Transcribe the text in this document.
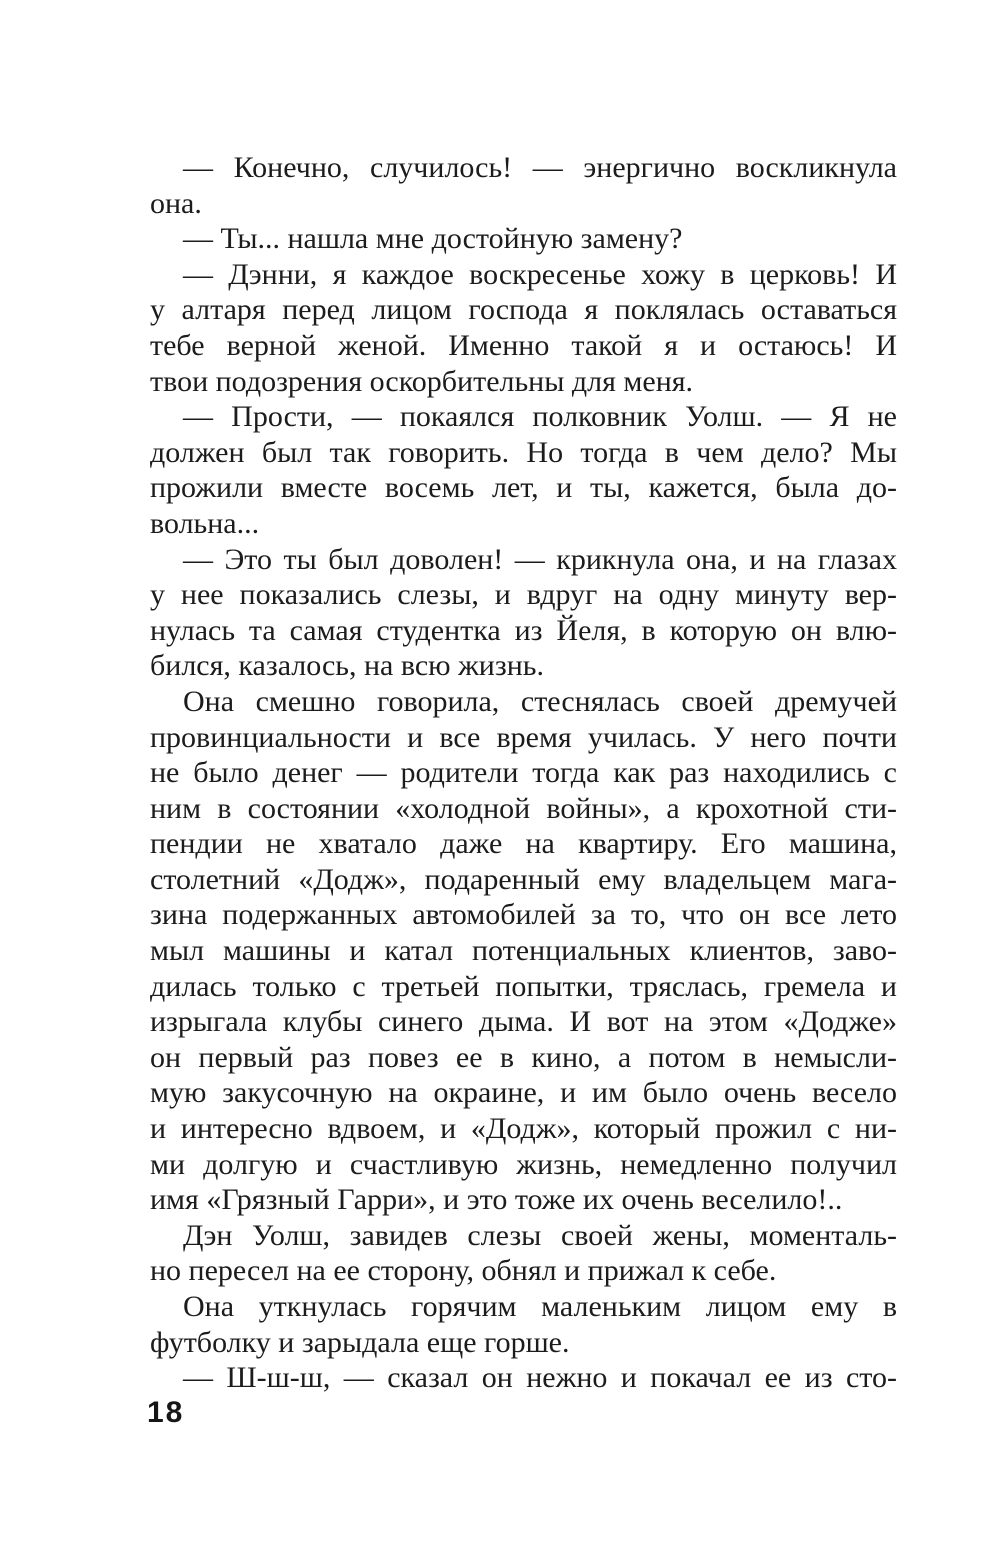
— Конечно, случилось! — энергично воскликнула
она.
— Ты... нашла мне достойную замену?
— Дэнни, я каждое воскресенье хожу в церковь! И
у алтаря перед лицом господа я поклялась оставаться
тебе верной женой. Именно такой я и остаюсь! И
твои подозрения оскорбительны для меня.
— Прости, — покаялся полковник Уолш. — Я не
должен был так говорить. Но тогда в чем дело? Мы
прожили вместе восемь лет, и ты, кажется, была до-
вольна...
— Это ты был доволен! — крикнула она, и на глазах
у нее показались слезы, и вдруг на одну минуту вер-
нулась та самая студентка из Йеля, в которую он влю-
бился, казалось, на всю жизнь.
Она смешно говорила, стеснялась своей дремучей
провинциальности и все время училась. У него почти
не было денег — родители тогда как раз находились с
ним в состоянии «холодной войны», а крохотной сти-
пендии не хватало даже на квартиру. Его машина,
столетний «Додж», подаренный ему владельцем мага-
зина подержанных автомобилей за то, что он все лето
мыл машины и катал потенциальных клиентов, заво-
дилась только с третьей попытки, тряслась, гремела и
изрыгала клубы синего дыма. И вот на этом «Додже»
он первый раз повез ее в кино, а потом в немысли-
мую закусочную на окраине, и им было очень весело
и интересно вдвоем, и «Додж», который прожил с ни-
ми долгую и счастливую жизнь, немедленно получил
имя «Грязный Гарри», и это тоже их очень веселило!..
Дэн Уолш, завидев слезы своей жены, моменталь-
но пересел на ее сторону, обнял и прижал к себе.
Она уткнулась горячим маленьким лицом ему в
футболку и зарыдала еще горше.
— Ш-ш-ш, — сказал он нежно и покачал ее из сто-
18
